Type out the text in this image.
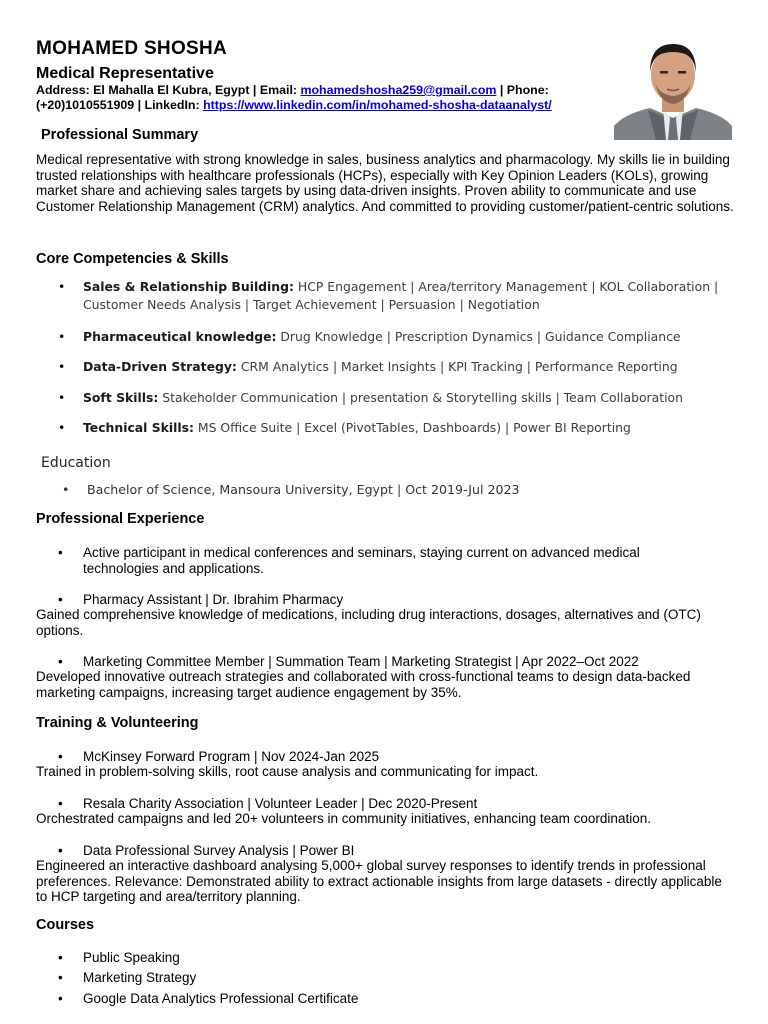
MOHAMED SHOSHA
Medical Representative
Address: El Mahalla El Kubra, Egypt | Email: mohamedshosha259@gmail.com | Phone:
(+20)1010551909 | LinkedIn: https://www.linkedin.com/in/mohamed-shosha-dataanalyst/
Professional Summary

Medical representative with strong knowledge in sales, business analytics and pharmacology. My skills lie in building trusted relationships with healthcare professionals (HCPs), especially with Key Opinion Leaders (KOLs), growing market share and achieving sales targets by using data-driven insights. Proven ability to communicate and use Customer Relationship Management (CRM) analytics. And committed to providing customer/patient-centric solutions.

Core Competencies & Skills
• Sales & Relationship Building: HCP Engagement | Area/territory Management | KOL Collaboration | Customer Needs Analysis | Target Achievement | Persuasion | Negotiation
• Pharmaceutical knowledge: Drug Knowledge | Prescription Dynamics | Guidance Compliance
• Data-Driven Strategy: CRM Analytics | Market Insights | KPI Tracking | Performance Reporting
• Soft Skills: Stakeholder Communication | presentation & Storytelling skills | Team Collaboration
• Technical Skills: MS Office Suite | Excel (PivotTables, Dashboards) | Power BI Reporting
Education
• Bachelor of Science, Mansoura University, Egypt | Oct 2019-Jul 2023
Professional Experience
• Active participant in medical conferences and seminars, staying current on advanced medical technologies and applications.
• Pharmacy Assistant | Dr. Ibrahim Pharmacy

Gained comprehensive knowledge of medications, including drug interactions, dosages, alternatives and (OTC) options.

• Marketing Committee Member | Summation Team | Marketing Strategist | Apr 2022–Oct 2022

Developed innovative outreach strategies and collaborated with cross-functional teams to design data-backed marketing campaigns, increasing target audience engagement by 35%.

Training & Volunteering
• McKinsey Forward Program | Nov 2024-Jan 2025

Trained in problem-solving skills, root cause analysis and communicating for impact.

• Resala Charity Association | Volunteer Leader | Dec 2020-Present

Orchestrated campaigns and led 20+ volunteers in community initiatives, enhancing team coordination.

• Data Professional Survey Analysis | Power BI

Engineered an interactive dashboard analysing 5,000+ global survey responses to identify trends in professional preferences. Relevance: Demonstrated ability to extract actionable insights from large datasets - directly applicable to HCP targeting and area/territory planning.

Courses
• Public Speaking
• Marketing Strategy
• Google Data Analytics Professional Certificate
